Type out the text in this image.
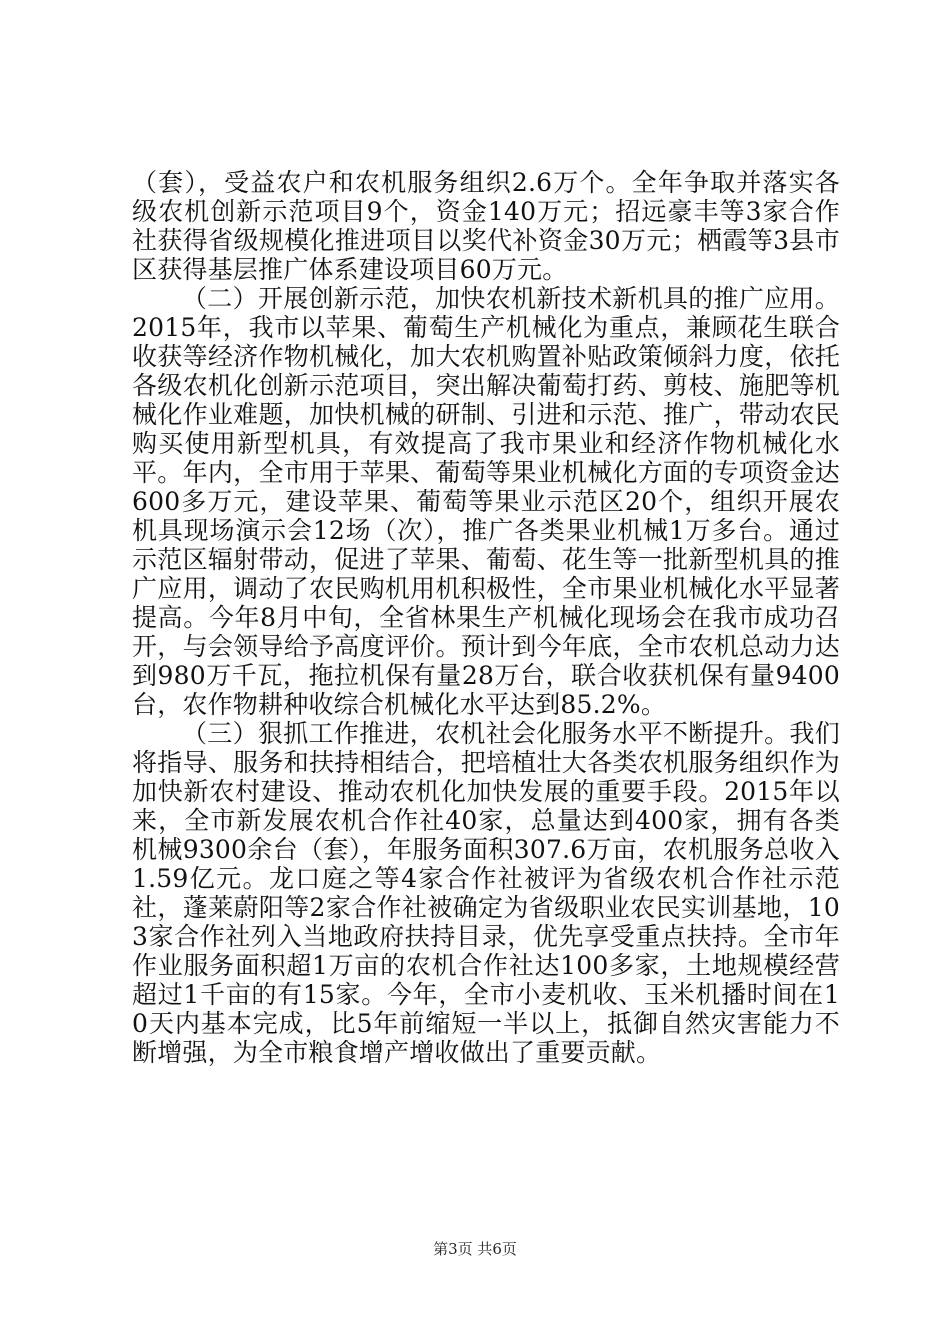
（套），受益农户和农机服务组织2.6万个。全年争取并落实各级农机创新示范项目9个，资金140万元；招远豪丰等3家合作社获得省级规模化推进项目以奖代补资金30万元；栖霞等3县市区获得基层推广体系建设项目60万元。

（二）开展创新示范，加快农机新技术新机具的推广应用。2015年，我市以苹果、葡萄生产机械化为重点，兼顾花生联合收获等经济作物机械化，加大农机购置补贴政策倾斜力度，依托各级农机化创新示范项目，突出解决葡萄打药、剪枝、施肥等机械化作业难题，加快机械的研制、引进和示范、推广，带动农民购买使用新型机具，有效提高了我市果业和经济作物机械化水平。年内，全市用于苹果、葡萄等果业机械化方面的专项资金达600多万元，建设苹果、葡萄等果业示范区20个，组织开展农机具现场演示会12场（次），推广各类果业机械1万多台。通过示范区辐射带动，促进了苹果、葡萄、花生等一批新型机具的推广应用，调动了农民购机用机积极性，全市果业机械化水平显著提高。今年8月中旬，全省林果生产机械化现场会在我市成功召开，与会领导给予高度评价。预计到今年底，全市农机总动力达到980万千瓦，拖拉机保有量28万台，联合收获机保有量9400台，农作物耕种收综合机械化水平达到85.2%。

（三）狠抓工作推进，农机社会化服务水平不断提升。我们将指导、服务和扶持相结合，把培植壮大各类农机服务组织作为加快新农村建设、推动农机化加快发展的重要手段。2015年以来，全市新发展农机合作社40家，总量达到400家，拥有各类机械9300余台（套），年服务面积307.6万亩，农机服务总收入1.59亿元。龙口庭之等4家合作社被评为省级农机合作社示范社，蓬莱蔚阳等2家合作社被确定为省级职业农民实训基地，103家合作社列入当地政府扶持目录，优先享受重点扶持。全市年作业服务面积超1万亩的农机合作社达100多家，土地规模经营超过1千亩的有15家。今年，全市小麦机收、玉米机播时间在10天内基本完成，比5年前缩短一半以上，抵御自然灾害能力不断增强，为全市粮食增产增收做出了重要贡献。

第3页 共6页
